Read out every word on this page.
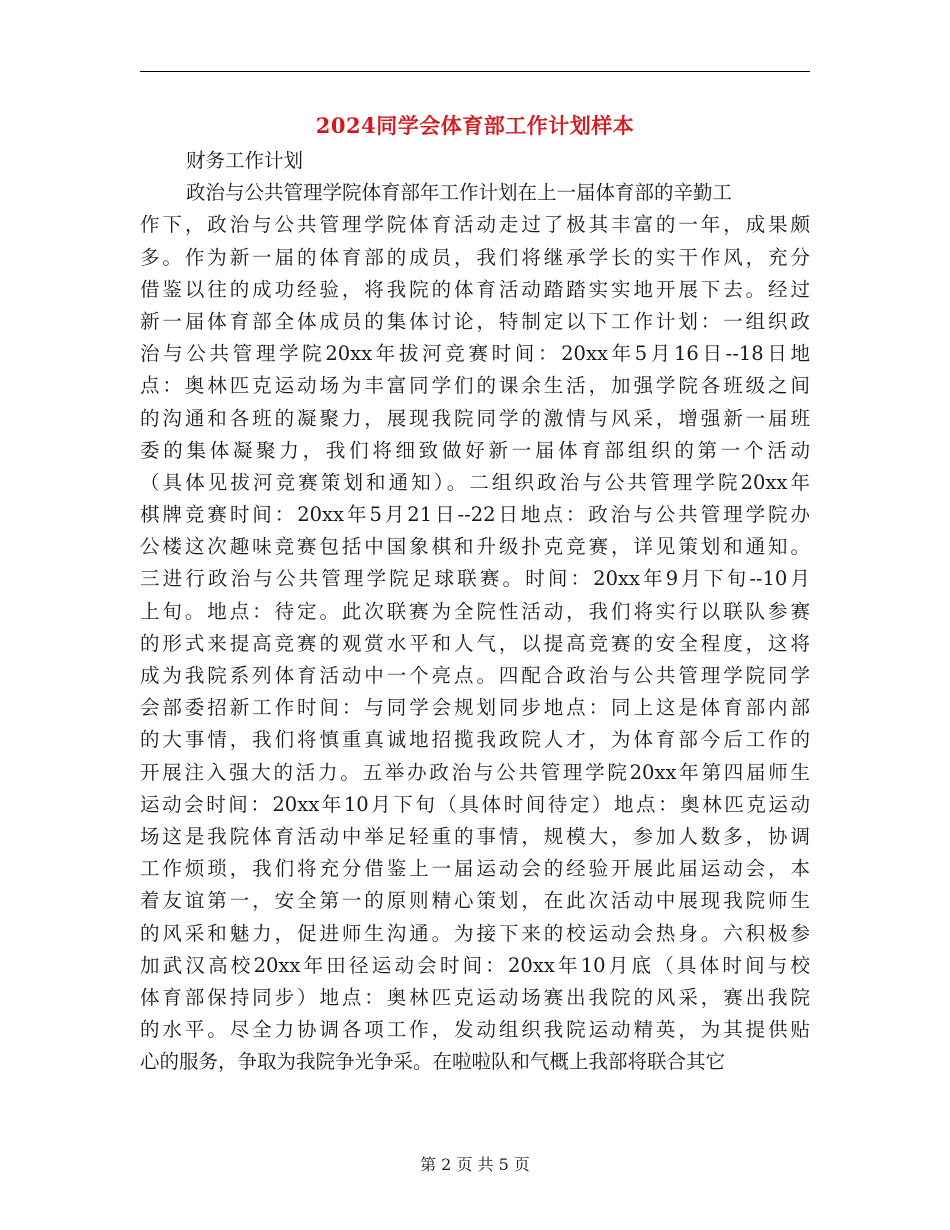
2024同学会体育部工作计划样本
财务工作计划
政治与公共管理学院体育部年工作计划在上一届体育部的辛勤工
作下，政治与公共管理学院体育活动走过了极其丰富的一年，成果颇
多。作为新一届的体育部的成员，我们将继承学长的实干作风，充分
借鉴以往的成功经验，将我院的体育活动踏踏实实地开展下去。经过
新一届体育部全体成员的集体讨论，特制定以下工作计划：一组织政
治与公共管理学院20xx年拔河竞赛时间：20xx年5月16日--18日地
点：奥林匹克运动场为丰富同学们的课余生活，加强学院各班级之间
的沟通和各班的凝聚力，展现我院同学的激情与风采，增强新一届班
委的集体凝聚力，我们将细致做好新一届体育部组织的第一个活动
（具体见拔河竞赛策划和通知）。二组织政治与公共管理学院20xx年
棋牌竞赛时间：20xx年5月21日--22日地点：政治与公共管理学院办
公楼这次趣味竞赛包括中国象棋和升级扑克竞赛，详见策划和通知。
三进行政治与公共管理学院足球联赛。时间：20xx年9月下旬--10月
上旬。地点：待定。此次联赛为全院性活动，我们将实行以联队参赛
的形式来提高竞赛的观赏水平和人气，以提高竞赛的安全程度，这将
成为我院系列体育活动中一个亮点。四配合政治与公共管理学院同学
会部委招新工作时间：与同学会规划同步地点：同上这是体育部内部
的大事情，我们将慎重真诚地招揽我政院人才，为体育部今后工作的
开展注入强大的活力。五举办政治与公共管理学院20xx年第四届师生
运动会时间：20xx年10月下旬（具体时间待定）地点：奥林匹克运动
场这是我院体育活动中举足轻重的事情，规模大，参加人数多，协调
工作烦琐，我们将充分借鉴上一届运动会的经验开展此届运动会，本
着友谊第一，安全第一的原则精心策划，在此次活动中展现我院师生
的风采和魅力，促进师生沟通。为接下来的校运动会热身。六积极参
加武汉高校20xx年田径运动会时间：20xx年10月底（具体时间与校
体育部保持同步）地点：奥林匹克运动场赛出我院的风采，赛出我院
的水平。尽全力协调各项工作，发动组织我院运动精英，为其提供贴
心的服务，争取为我院争光争采。在啦啦队和气概上我部将联合其它
第 2 页 共 5 页
